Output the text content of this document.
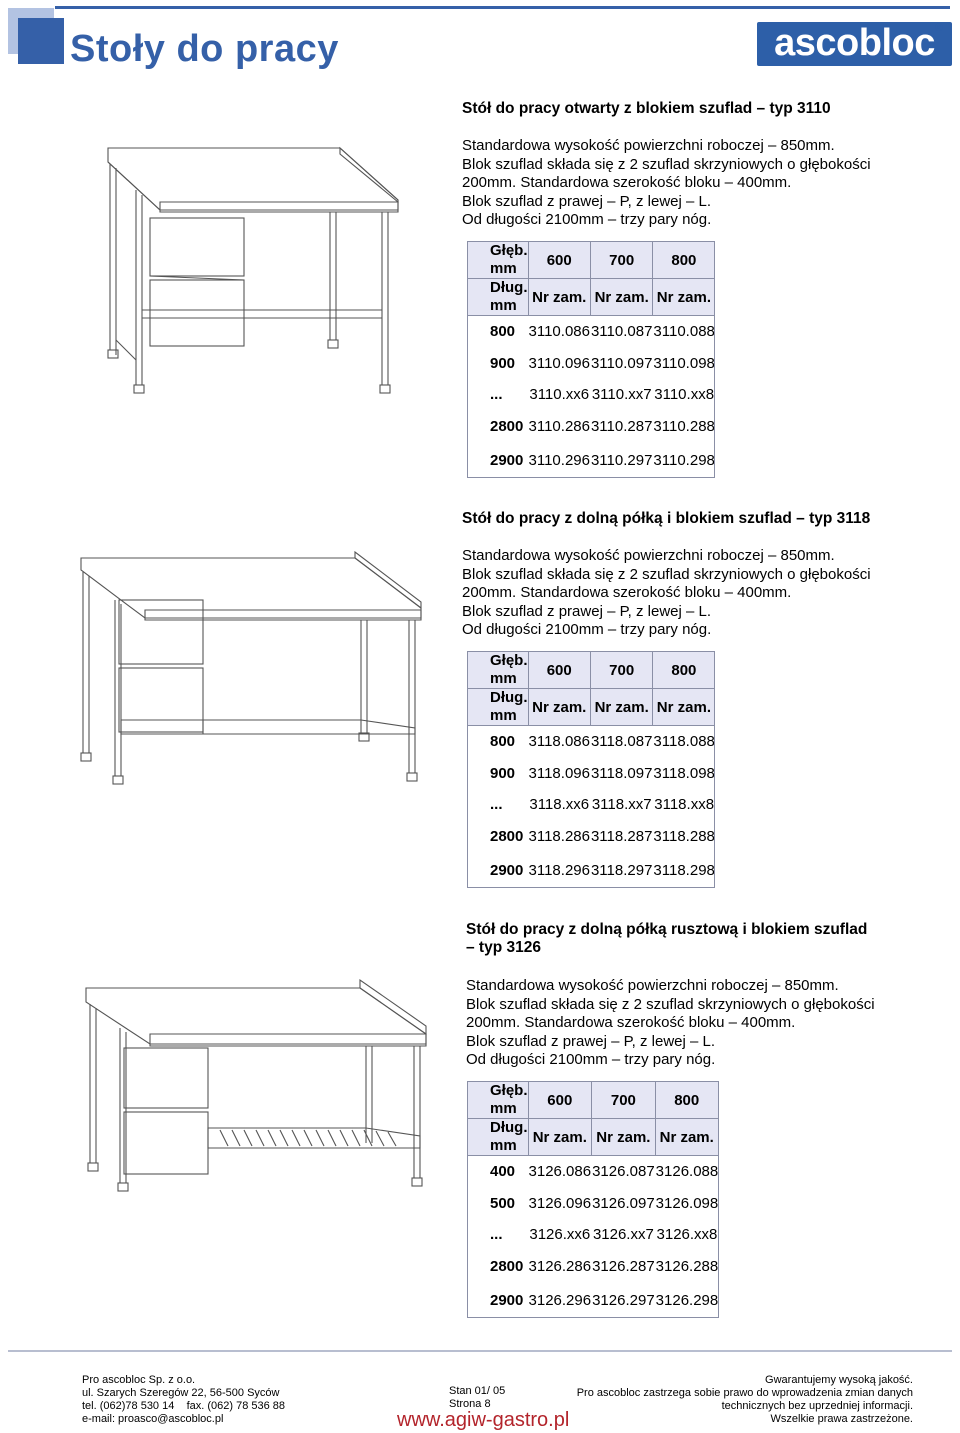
Stoły do pracy	ascobloc ®
Stół do pracy otwarty z blokiem szuflad – typ 3110
Standardowa wysokość powierzchni roboczej – 850mm.
Blok szuflad składa się z 2 szuflad skrzyniowych o głębokości
200mm. Standardowa szerokość bloku – 400mm.
Blok szuflad z prawej – P, z lewej – L.
Od długości 2100mm – trzy pary nóg.
Głęb.
mm	600	700	800
Dług.
mm	Nr zam.	Nr zam.	Nr zam.
800	3110.086	3110.087	3110.088
900	3110.096	3110.097	3110.098
...	3110.xx6	3110.xx7	3110.xx8
2800	3110.286	3110.287	3110.288
2900	3110.296	3110.297	3110.298
Stół do pracy z dolną półką i blokiem szuflad – typ 3118
Standardowa wysokość powierzchni roboczej – 850mm.
Blok szuflad składa się z 2 szuflad skrzyniowych o głębokości
200mm. Standardowa szerokość bloku – 400mm.
Blok szuflad z prawej – P, z lewej – L.
Od długości 2100mm – trzy pary nóg.
Głęb.
mm	600	700	800
Dług.
mm	Nr zam.	Nr zam.	Nr zam.
800	3118.086	3118.087	3118.088
900	3118.096	3118.097	3118.098
...	3118.xx6	3118.xx7	3118.xx8
2800	3118.286	3118.287	3118.288
2900	3118.296	3118.297	3118.298
Stół do pracy z dolną półką rusztową i blokiem szuflad
– typ 3126
Standardowa wysokość powierzchni roboczej – 850mm.
Blok szuflad składa się z 2 szuflad skrzyniowych o głębokości
200mm. Standardowa szerokość bloku – 400mm.
Blok szuflad z prawej – P, z lewej – L.
Od długości 2100mm – trzy pary nóg.
Głęb.
mm	600	700	800
Dług.
mm	Nr zam.	Nr zam.	Nr zam.
400	3126.086	3126.087	3126.088
500	3126.096	3126.097	3126.098
...	3126.xx6	3126.xx7	3126.xx8
2800	3126.286	3126.287	3126.288
2900	3126.296	3126.297	3126.298
Pro ascobloc Sp. z o.o.
ul. Szarych Szeregów 22, 56-500 Syców
tel. (062)78 530 14    fax. (062) 78 536 88
e-mail: proasco@ascobloc.pl
Stan 01/ 05
Strona 8
Gwarantujemy wysoką jakość.
Pro ascobloc zastrzega sobie prawo do wprowadzenia zmian danych
technicznych bez uprzedniej informacji.
Wszelkie prawa zastrzeżone.
www.agiw-gastro.pl
